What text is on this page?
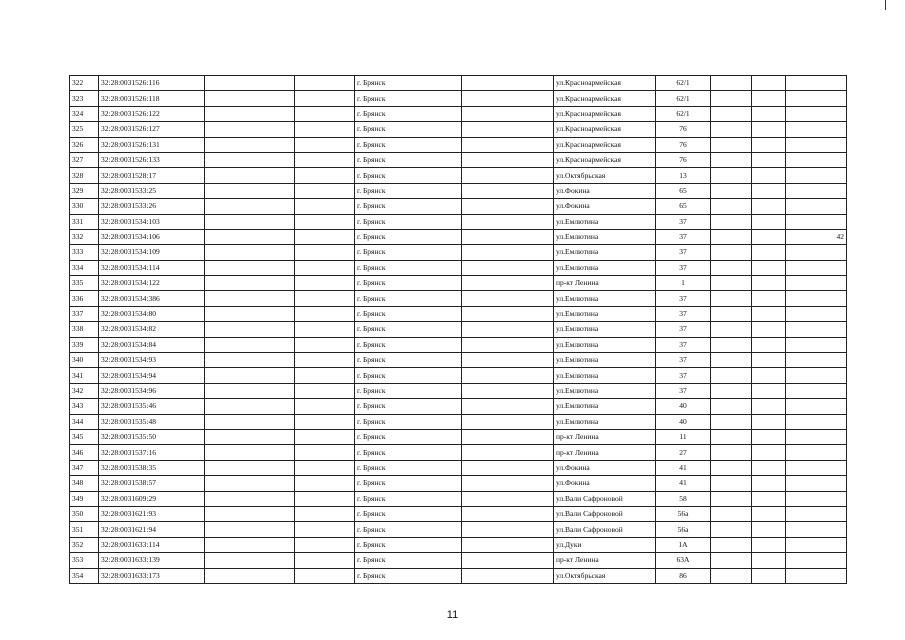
322	32:28:0031526:116			г. Брянск		ул.Красноармейская	62/1			
323	32:28:0031526:118			г. Брянск		ул.Красноармейская	62/1			
324	32:28:0031526:122			г. Брянск		ул.Красноармейская	62/1			
325	32:28:0031526:127			г. Брянск		ул.Красноармейская	76			
326	32:28:0031526:131			г. Брянск		ул.Красноармейская	76			
327	32:28:0031526:133			г. Брянск		ул.Красноармейская	76			
328	32:28:0031528:17			г. Брянск		ул.Октябрьская	13			
329	32:28:0031533:25			г. Брянск		ул.Фокина	65			
330	32:28:0031533:26			г. Брянск		ул.Фокина	65			
331	32:28:0031534:103			г. Брянск		ул.Емлютина	37			
332	32:28:0031534:106			г. Брянск		ул.Емлютина	37			42
333	32:28:0031534:109			г. Брянск		ул.Емлютина	37			
334	32:28:0031534:114			г. Брянск		ул.Емлютина	37			
335	32:28:0031534:122			г. Брянск		пр-кт Ленина	1			
336	32:28:0031534:386			г. Брянск		ул.Емлютина	37			
337	32:28:0031534:80			г. Брянск		ул.Емлютина	37			
338	32:28:0031534:82			г. Брянск		ул.Емлютина	37			
339	32:28:0031534:84			г. Брянск		ул.Емлютина	37			
340	32:28:0031534:93			г. Брянск		ул.Емлютина	37			
341	32:28:0031534:94			г. Брянск		ул.Емлютина	37			
342	32:28:0031534:96			г. Брянск		ул.Емлютина	37			
343	32:28:0031535:46			г. Брянск		ул.Емлютина	40			
344	32:28:0031535:48			г. Брянск		ул.Емлютина	40			
345	32:28:0031535:50			г. Брянск		пр-кт Ленина	11			
346	32:28:0031537:16			г. Брянск		пр-кт Ленина	27			
347	32:28:0031538:35			г. Брянск		ул.Фокина	41			
348	32:28:0031538:57			г. Брянск		ул.Фокина	41			
349	32:28:0031609:29			г. Брянск		ул.Вали Сафроновой	58			
350	32:28:0031621:93			г. Брянск		ул.Вали Сафроновой	56а			
351	32:28:0031621:94			г. Брянск		ул.Вали Сафроновой	56а			
352	32:28:0031633:114			г. Брянск		ул.Дуки	1А			
353	32:28:0031633:139			г. Брянск		пр-кт Ленина	63А			
354	32:28:0031633:173			г. Брянск		ул.Октябрьская	86			
11
